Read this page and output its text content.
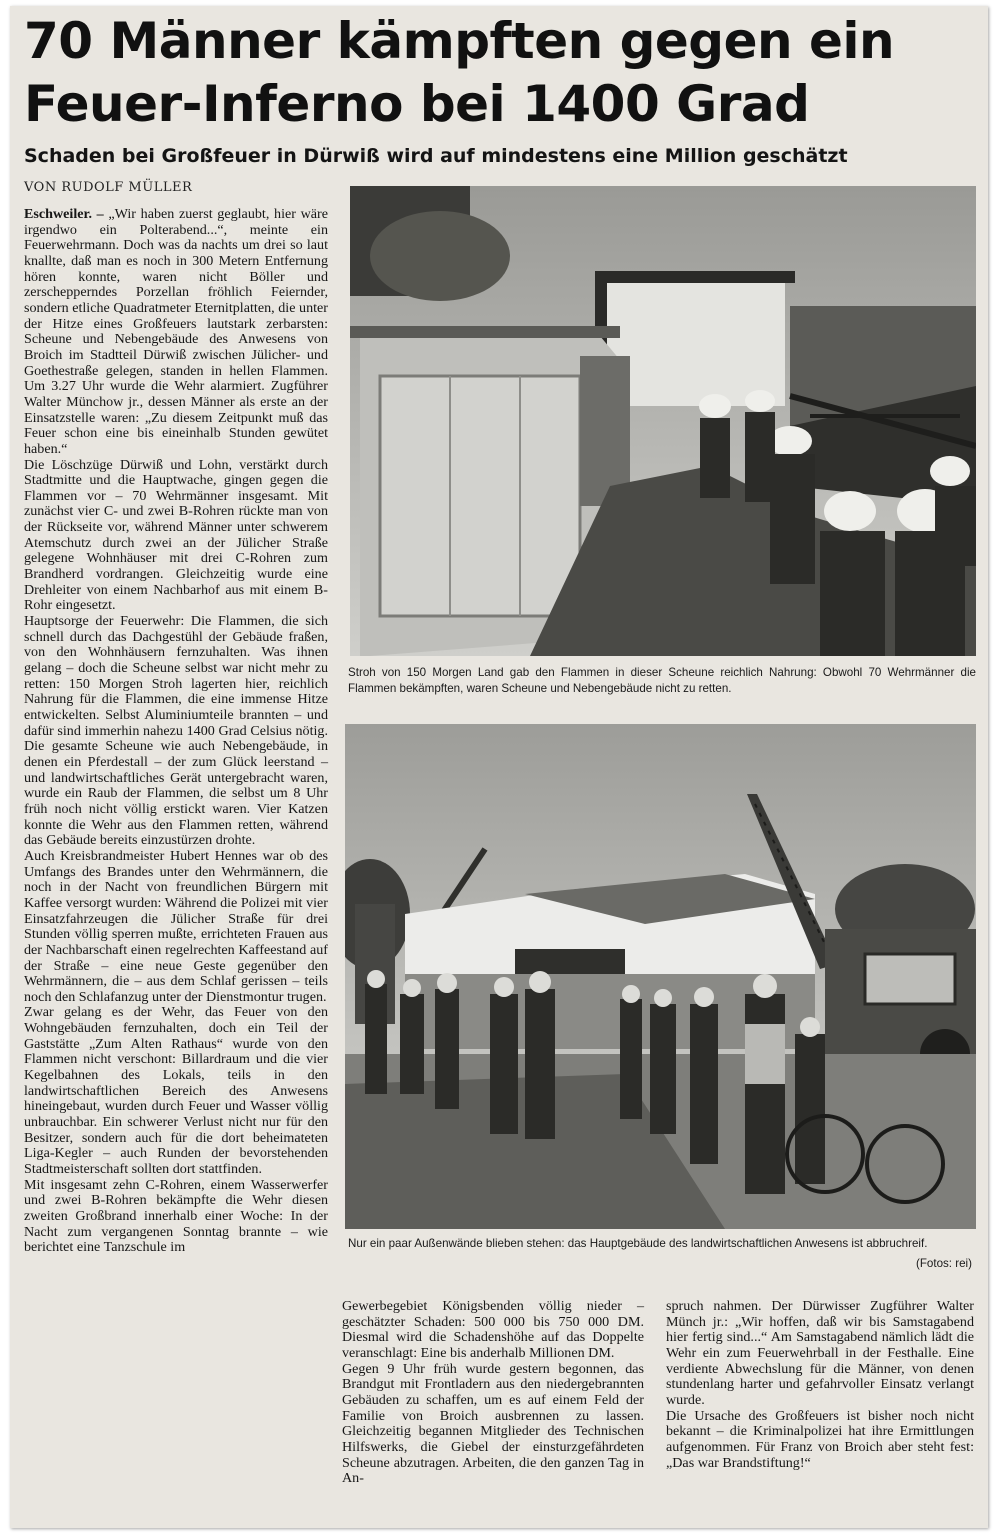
70 Männer kämpften gegen ein
Feuer-Inferno bei 1400 Grad
Schaden bei Großfeuer in Dürwiß wird auf mindestens eine Million geschätzt
VON RUDOLF MÜLLER

Eschweiler. – „Wir haben zuerst geglaubt, hier wäre irgendwo ein Polterabend...“, meinte ein Feuerwehrmann. Doch was da nachts um drei so laut knallte, daß man es noch in 300 Metern Entfernung hören konnte, waren nicht Böller und zerschepperndes Porzellan fröhlich Feiernder, sondern etliche Quadratmeter Eternitplatten, die unter der Hitze eines Großfeuers lautstark zerbarsten: Scheune und Nebengebäude des Anwesens von Broich im Stadtteil Dürwiß zwischen Jülicher- und Goethestraße gelegen, standen in hellen Flammen. Um 3.27 Uhr wurde die Wehr alarmiert. Zugführer Walter Münchow jr., dessen Männer als erste an der Einsatzstelle waren: „Zu diesem Zeitpunkt muß das Feuer schon eine bis eineinhalb Stunden gewütet haben.“

Die Löschzüge Dürwiß und Lohn, verstärkt durch Stadtmitte und die Hauptwache, gingen gegen die Flammen vor – 70 Wehrmänner insgesamt. Mit zunächst vier C- und zwei B-Rohren rückte man von der Rückseite vor, während Männer unter schwerem Atemschutz durch zwei an der Jülicher Straße gelegene Wohnhäuser mit drei C-Rohren zum Brandherd vordrangen. Gleichzeitig wurde eine Drehleiter von einem Nachbarhof aus mit einem B-Rohr eingesetzt.

Hauptsorge der Feuerwehr: Die Flammen, die sich schnell durch das Dachgestühl der Gebäude fraßen, von den Wohnhäusern fernzuhalten. Was ihnen gelang – doch die Scheune selbst war nicht mehr zu retten: 150 Morgen Stroh lagerten hier, reichlich Nahrung für die Flammen, die eine immense Hitze entwickelten. Selbst Aluminiumteile brannten – und dafür sind immerhin nahezu 1400 Grad Celsius nötig. Die gesamte Scheune wie auch Nebengebäude, in denen ein Pferdestall – der zum Glück leerstand – und landwirtschaftliches Gerät untergebracht waren, wurde ein Raub der Flammen, die selbst um 8 Uhr früh noch nicht völlig erstickt waren. Vier Katzen konnte die Wehr aus den Flammen retten, während das Gebäude bereits einzustürzen drohte.

Auch Kreisbrandmeister Hubert Hennes war ob des Umfangs des Brandes unter den Wehrmännern, die noch in der Nacht von freundlichen Bürgern mit Kaffee versorgt wurden: Während die Polizei mit vier Einsatzfahrzeugen die Jülicher Straße für drei Stunden völlig sperren mußte, errichteten Frauen aus der Nachbarschaft einen regelrechten Kaffeestand auf der Straße – eine neue Geste gegenüber den Wehrmännern, die – aus dem Schlaf gerissen – teils noch den Schlafanzug unter der Dienstmontur trugen.

Zwar gelang es der Wehr, das Feuer von den Wohngebäuden fernzuhalten, doch ein Teil der Gaststätte „Zum Alten Rathaus“ wurde von den Flammen nicht verschont: Billardraum und die vier Kegelbahnen des Lokals, teils in den landwirtschaftlichen Bereich des Anwesens hineingebaut, wurden durch Feuer und Wasser völlig unbrauchbar. Ein schwerer Verlust nicht nur für den Besitzer, sondern auch für die dort beheimateten Liga-Kegler – auch Runden der bevorstehenden Stadtmeisterschaft sollten dort stattfinden.

Mit insgesamt zehn C-Rohren, einem Wasserwerfer und zwei B-Rohren bekämpfte die Wehr diesen zweiten Großbrand innerhalb einer Woche: In der Nacht zum vergangenen Sonntag brannte – wie berichtet eine Tanzschule im

Stroh von 150 Morgen Land gab den Flammen in dieser Scheune reichlich Nahrung: Obwohl 70 Wehrmänner die Flammen bekämpften, waren Scheune und Nebengebäude nicht zu retten.
Nur ein paar Außenwände blieben stehen: das Hauptgebäude des landwirtschaftlichen Anwesens ist abbruchreif.
(Fotos: rei)

Gewerbegebiet Königsbenden völlig nieder – geschätzter Schaden: 500 000 bis 750 000 DM. Diesmal wird die Schadenshöhe auf das Doppelte veranschlagt: Eine bis anderhalb Millionen DM.

Gegen 9 Uhr früh wurde gestern begonnen, das Brandgut mit Frontladern aus den niedergebrannten Gebäuden zu schaffen, um es auf einem Feld der Familie von Broich ausbrennen zu lassen. Gleichzeitig begannen Mitglieder des Technischen Hilfswerks, die Giebel der einsturzgefährdeten Scheune abzutragen. Arbeiten, die den ganzen Tag in An-

spruch nahmen. Der Dürwisser Zugführer Walter Münch jr.: „Wir hoffen, daß wir bis Samstagabend hier fertig sind...“ Am Samstagabend nämlich lädt die Wehr ein zum Feuerwehrball in der Festhalle. Eine verdiente Abwechslung für die Männer, von denen stundenlang harter und gefahrvoller Einsatz verlangt wurde.

Die Ursache des Großfeuers ist bisher noch nicht bekannt – die Kriminalpolizei hat ihre Ermittlungen aufgenommen. Für Franz von Broich aber steht fest: „Das war Brandstiftung!“
